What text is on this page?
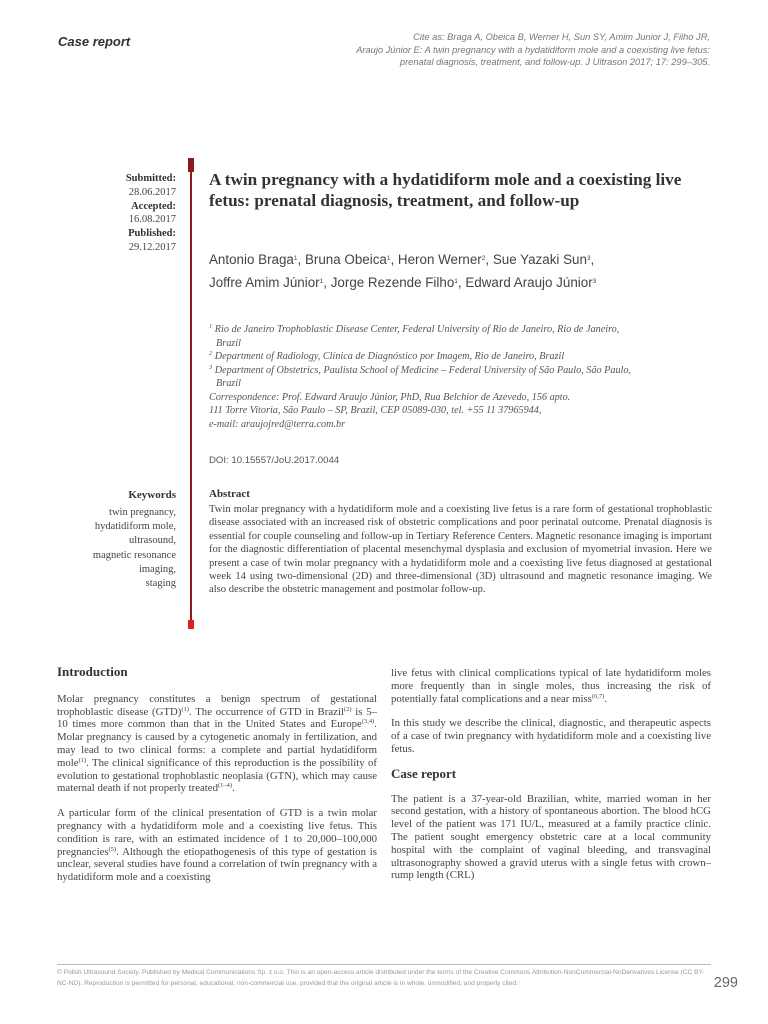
Case report	Cite as: Braga A, Obeica B, Werner H, Sun SY, Amim Junior J, Filho JR,
Araujo Júnior E: A twin pregnancy with a hydatidiform mole and a coexisting live fetus:
prenatal diagnosis, treatment, and follow-up. J Ultrason 2017; 17: 299–305.
Submitted:
28.06.2017
Accepted:
16.08.2017
Published:
29.12.2017
A twin pregnancy with a hydatidiform mole and a coexisting live fetus: prenatal diagnosis, treatment, and follow-up
Antonio Braga$^1$, Bruna Obeica$^1$, Heron Werner$^2$, Sue Yazaki Sun$^3$,
Joffre Amim Júnior$^1$, Jorge Rezende Filho$^1$, Edward Araujo Júnior$^3$

$^1$ Rio de Janeiro Trophoblastic Disease Center, Federal University of Rio de Janeiro, Rio de Janeiro,

Brazil

$^2$ Department of Radiology, Clínica de Diagnóstico por Imagem, Rio de Janeiro, Brazil

$^3$ Department of Obstetrics, Paulista School of Medicine – Federal University of São Paulo, São Paulo,

Brazil

Correspondence: Prof. Edward Araujo Júnior, PhD, Rua Belchior de Azevedo, 156 apto.

111 Torre Vitoria, São Paulo – SP, Brazil, CEP 05089-030, tel. +55 11 37965944,

e-mail: araujojred@terra.com.br

DOI: 10.15557/JoU.2017.0044
Keywords
twin pregnancy,
hydatidiform mole,
ultrasound,
magnetic resonance
imaging,
staging
Abstract
Twin molar pregnancy with a hydatidiform mole and a coexisting live fetus is a rare form of gestational trophoblastic disease associated with an increased risk of obstetric complications and poor perinatal outcome. Prenatal diagnosis is essential for couple counseling and follow-up in Tertiary Reference Centers. Magnetic resonance imaging is important for the diagnostic differentiation of placental mesenchymal dysplasia and exclusion of myometrial invasion. Here we present a case of twin molar pregnancy with a hydatidiform mole and a coexisting live fetus diagnosed at gestational week 14 using two-dimensional (2D) and three-dimensional (3D) ultrasound and magnetic resonance imaging. We also describe the obstetric management and postmolar follow-up.
Introduction

Molar pregnancy constitutes a benign spectrum of gestational trophoblastic disease (GTD)$^{(1)}$. The occurrence of GTD in Brazil$^{(2)}$ is 5–10 times more common than that in the United States and Europe$^{(3,4)}$. Molar pregnancy is caused by a cytogenetic anomaly in fertilization, and may lead to two clinical forms: a complete and partial hydatidiform mole$^{(1)}$. The clinical significance of this reproduction is the possibility of evolution to gestational trophoblastic neoplasia (GTN), which may cause maternal death if not properly treated$^{(1-4)}$.

A particular form of the clinical presentation of GTD is a twin molar pregnancy with a hydatidiform mole and a coexisting live fetus. This condition is rare, with an estimated incidence of 1 to 20,000–100,000 pregnancies$^{(5)}$. Although the etiopathogenesis of this type of gestation is unclear, several studies have found a correlation of twin pregnancy with a hydatidiform mole and a coexisting

live fetus with clinical complications typical of late hydatidiform moles more frequently than in single moles, thus increasing the risk of potentially fatal complications and a near miss$^{(6,7)}$.

In this study we describe the clinical, diagnostic, and therapeutic aspects of a case of twin pregnancy with hydatidiform mole and a coexisting live fetus.

Case report

The patient is a 37-year-old Brazilian, white, married woman in her second gestation, with a history of spontaneous abortion. The blood hCG level of the patient was 171 IU/L, measured at a family practice clinic. The patient sought emergency obstetric care at a local community hospital with the complaint of vaginal bleeding, and transvaginal ultrasonography showed a gravid uterus with a single fetus with crown–rump length (CRL)

© Polish Ultrasound Society. Published by Medical Communications Sp. z o.o. This is an open-access article distributed under the terms of the Creative Commons Attribution-NonCommercial-NoDerivatives License (CC BY-NC-ND). Reproduction is permitted for personal, educational, non-commercial use, provided that the original article is in whole, unmodified, and properly cited.	299
